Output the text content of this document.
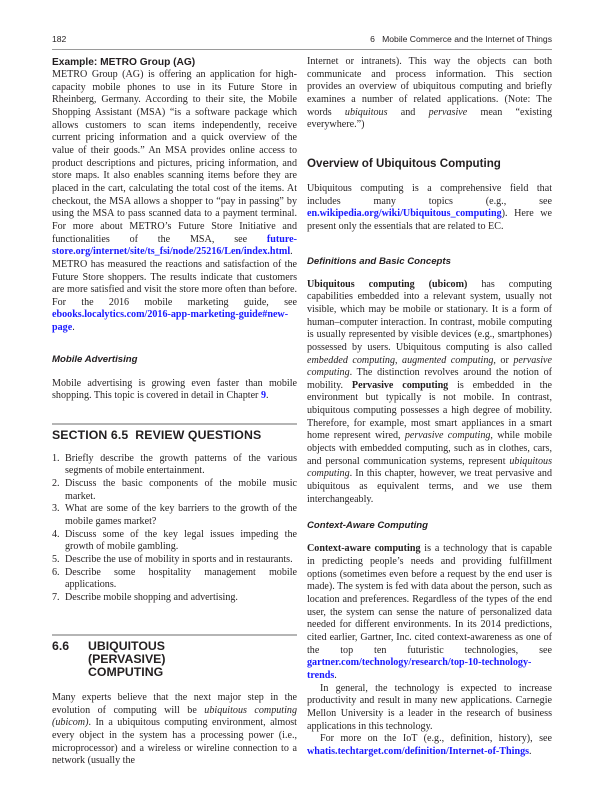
182	6   Mobile Commerce and the Internet of Things
Example: METRO Group (AG)

METRO Group (AG) is offering an application for high-capacity mobile phones to use in its Future Store in Rheinberg, Germany. According to their site, the Mobile Shopping Assistant (MSA) “is a software package which allows customers to scan items independently, receive current pricing information and a quick overview of the value of their goods.” An MSA provides online access to product descriptions and pictures, pricing information, and store maps. It also enables scanning items before they are placed in the cart, calculating the total cost of the items. At checkout, the MSA allows a shopper to “pay in passing” by using the MSA to pass scanned data to a payment terminal. For more about METRO’s Future Store Initiative and functionalities of the MSA, see future-store.org/internet/site/ts_fsi/node/25216/Len/index.html. METRO has measured the reactions and satisfaction of the Future Store shoppers. The results indicate that customers are more satisfied and visit the store more often than before. For the 2016 mobile marketing guide, see ebooks.localytics.com/2016-app-marketing-guide#new-page.

Mobile Advertising

Mobile advertising is growing even faster than mobile shopping. This topic is covered in detail in Chapter 9.

SECTION 6.5  REVIEW QUESTIONS
1. Briefly describe the growth patterns of the various segments of mobile entertainment.
2. Discuss the basic components of the mobile music market.
3. What are some of the key barriers to the growth of the mobile games market?
4. Discuss some of the key legal issues impeding the growth of mobile gambling.
5. Describe the use of mobility in sports and in restaurants.
6. Describe some hospitality management mobile applications.
7. Describe mobile shopping and advertising.
6.6	UBIQUITOUS (PERVASIVE) COMPUTING

Many experts believe that the next major step in the evolution of computing will be ubiquitous computing (ubicom). In a ubiquitous computing environment, almost every object in the system has a processing power (i.e., microprocessor) and a wireless or wireline connection to a network (usually the

Internet or intranets). This way the objects can both communicate and process information. This section provides an overview of ubiquitous computing and briefly examines a number of related applications. (Note: The words ubiquitous and pervasive mean “existing everywhere.”)

Overview of Ubiquitous Computing

Ubiquitous computing is a comprehensive field that includes many topics (e.g., see en.wikipedia.org/wiki/Ubiquitous_computing). Here we present only the essentials that are related to EC.

Definitions and Basic Concepts

Ubiquitous computing (ubicom) has computing capabilities embedded into a relevant system, usually not visible, which may be mobile or stationary. It is a form of human–computer interaction. In contrast, mobile computing is usually represented by visible devices (e.g., smartphones) possessed by users. Ubiquitous computing is also called embedded computing, augmented computing, or pervasive computing. The distinction revolves around the notion of mobility. Pervasive computing is embedded in the environment but typically is not mobile. In contrast, ubiquitous computing possesses a high degree of mobility. Therefore, for example, most smart appliances in a smart home represent wired, pervasive computing, while mobile objects with embedded computing, such as in clothes, cars, and personal communication systems, represent ubiquitous computing. In this chapter, however, we treat pervasive and ubiquitous as equivalent terms, and we use them interchangeably.

Context-Aware Computing

Context-aware computing is a technology that is capable in predicting people’s needs and providing fulfillment options (sometimes even before a request by the end user is made). The system is fed with data about the person, such as location and preferences. Regardless of the types of the end user, the system can sense the nature of personalized data needed for different environments. In its 2014 predictions, cited earlier, Gartner, Inc. cited context-awareness as one of the top ten futuristic technologies, see gartner.com/technology/research/top-10-technology-trends.

In general, the technology is expected to increase productivity and result in many new applications. Carnegie Mellon University is a leader in the research of business applications in this technology.

For more on the IoT (e.g., definition, history), see whatis.techtarget.com/definition/Internet-of-Things.
